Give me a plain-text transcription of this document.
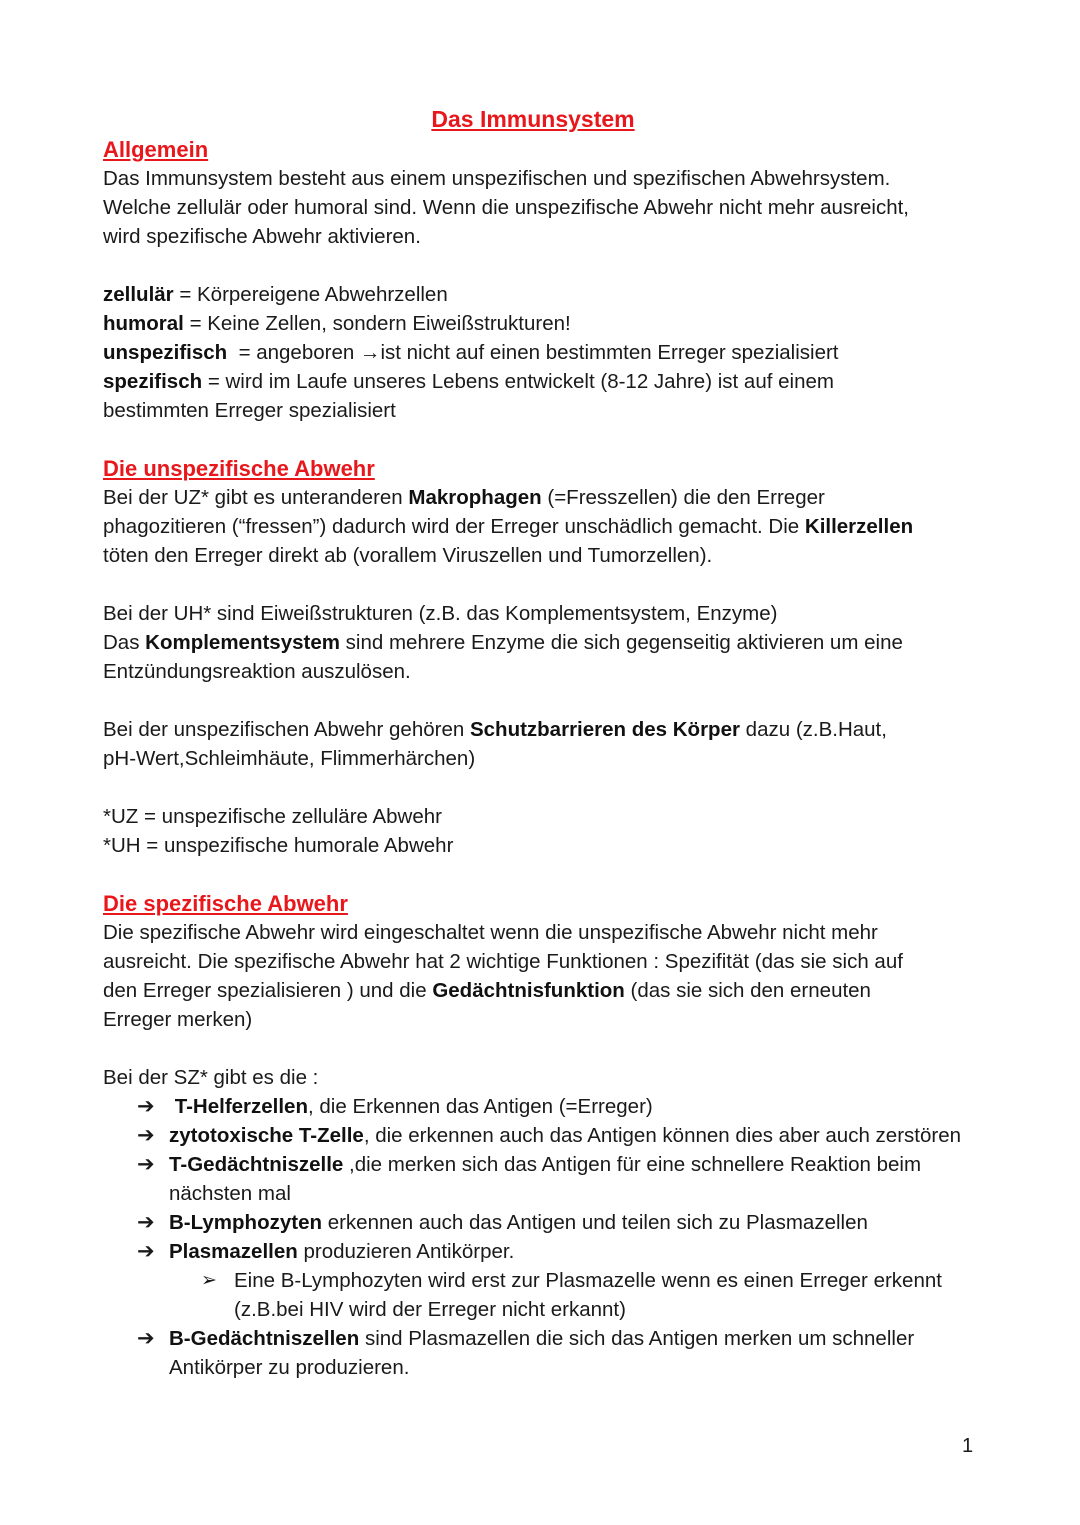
Das Immunsystem
Allgemein

Das Immunsystem besteht aus einem unspezifischen und spezifischen Abwehrsystem.

Welche zellulär oder humoral sind. Wenn die unspezifische Abwehr nicht mehr ausreicht,

wird spezifische Abwehr aktivieren.

zellulär = Körpereigene Abwehrzellen

humoral = Keine Zellen, sondern Eiweißstrukturen!

unspezifisch  = angeboren →ist nicht auf einen bestimmten Erreger spezialisiert

spezifisch = wird im Laufe unseres Lebens entwickelt (8-12 Jahre) ist auf einem

bestimmten Erreger spezialisiert

Die unspezifische Abwehr

Bei der UZ* gibt es unteranderen Makrophagen (=Fresszellen) die den Erreger

phagozitieren (“fressen”) dadurch wird der Erreger unschädlich gemacht. Die Killerzellen

töten den Erreger direkt ab (vorallem Viruszellen und Tumorzellen).

Bei der UH* sind Eiweißstrukturen (z.B. das Komplementsystem, Enzyme)

Das Komplementsystem sind mehrere Enzyme die sich gegenseitig aktivieren um eine

Entzündungsreaktion auszulösen.

Bei der unspezifischen Abwehr gehören Schutzbarrieren des Körper dazu (z.B.Haut,

pH-Wert,Schleimhäute, Flimmerhärchen)

*UZ = unspezifische zelluläre Abwehr

*UH = unspezifische humorale Abwehr

Die spezifische Abwehr

Die spezifische Abwehr wird eingeschaltet wenn die unspezifische Abwehr nicht mehr

ausreicht. Die spezifische Abwehr hat 2 wichtige Funktionen : Spezifität (das sie sich auf

den Erreger spezialisieren ) und die Gedächtnisfunktion (das sie sich den erneuten

Erreger merken)

Bei der SZ* gibt es die :

➔ T-Helferzellen, die Erkennen das Antigen (=Erreger)
➔ zytotoxische T-Zelle, die erkennen auch das Antigen können dies aber auch zerstören
➔ T-Gedächtniszelle ,die merken sich das Antigen für eine schnellere Reaktion beim nächsten mal
➔ B-Lymphozyten erkennen auch das Antigen und teilen sich zu Plasmazellen
➔ Plasmazellen produzieren Antikörper.
➢ Eine B-Lymphozyten wird erst zur Plasmazelle wenn es einen Erreger erkennt (z.B.bei HIV wird der Erreger nicht erkannt)
➔ B-Gedächtniszellen sind Plasmazellen die sich das Antigen merken um schneller Antikörper zu produzieren.
1
